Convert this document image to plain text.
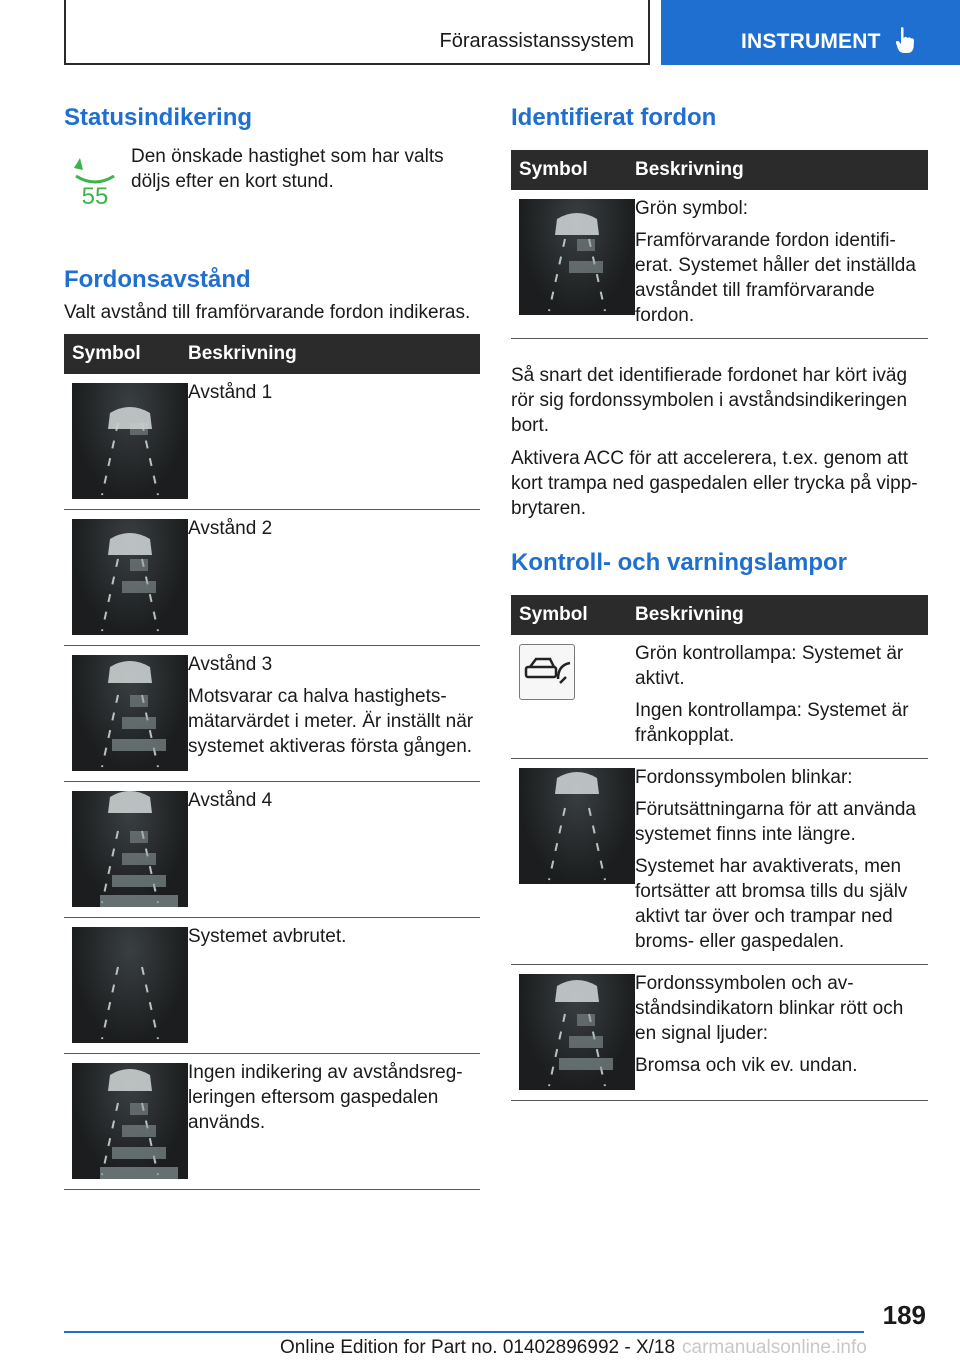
Förarassistanssystem	INSTRUMENT
Statusindikering
55

Den önskade hastighet som har valts döljs efter en kort stund.

Fordonsavstånd

Valt avstånd till framförvarande fordon indikeras.

Symbol	Beskrivning

Avstånd 1

Avstånd 2

Avstånd 3

Motsvarar ca halva hastighetsmätarvärdet i meter. Är inställt när systemet aktiveras första gången.

Avstånd 4

Systemet avbrutet.

Ingen indikering av avståndsregleringen eftersom gaspedalen används.

Identifierat fordon
Symbol	Beskrivning

Grön symbol:

Framförvarande fordon identifierat. Systemet håller det inställda avståndet till framförvarande fordon.

Så snart det identifierade fordonet har kört iväg rör sig fordonssymbolen i avståndsindikeringen bort.

Aktivera ACC för att accelerera, t.ex. genom att kort trampa ned gaspedalen eller trycka på vippbrytaren.

Kontroll- och varningslampor
Symbol	Beskrivning

Grön kontrollampa: Systemet är aktivt.

Ingen kontrollampa: Systemet är frånkopplat.

Fordonssymbolen blinkar:

Förutsättningarna för att använda systemet finns inte längre.

Systemet har avaktiverats, men fortsätter att bromsa tills du själv aktivt tar över och trampar ned broms- eller gaspedalen.

Fordonssymbolen och avståndsindikatorn blinkar rött och en signal ljuder:

Bromsa och vik ev. undan.

189
Online Edition for Part no. 01402896992 - X/18 carmanualsonline.info
